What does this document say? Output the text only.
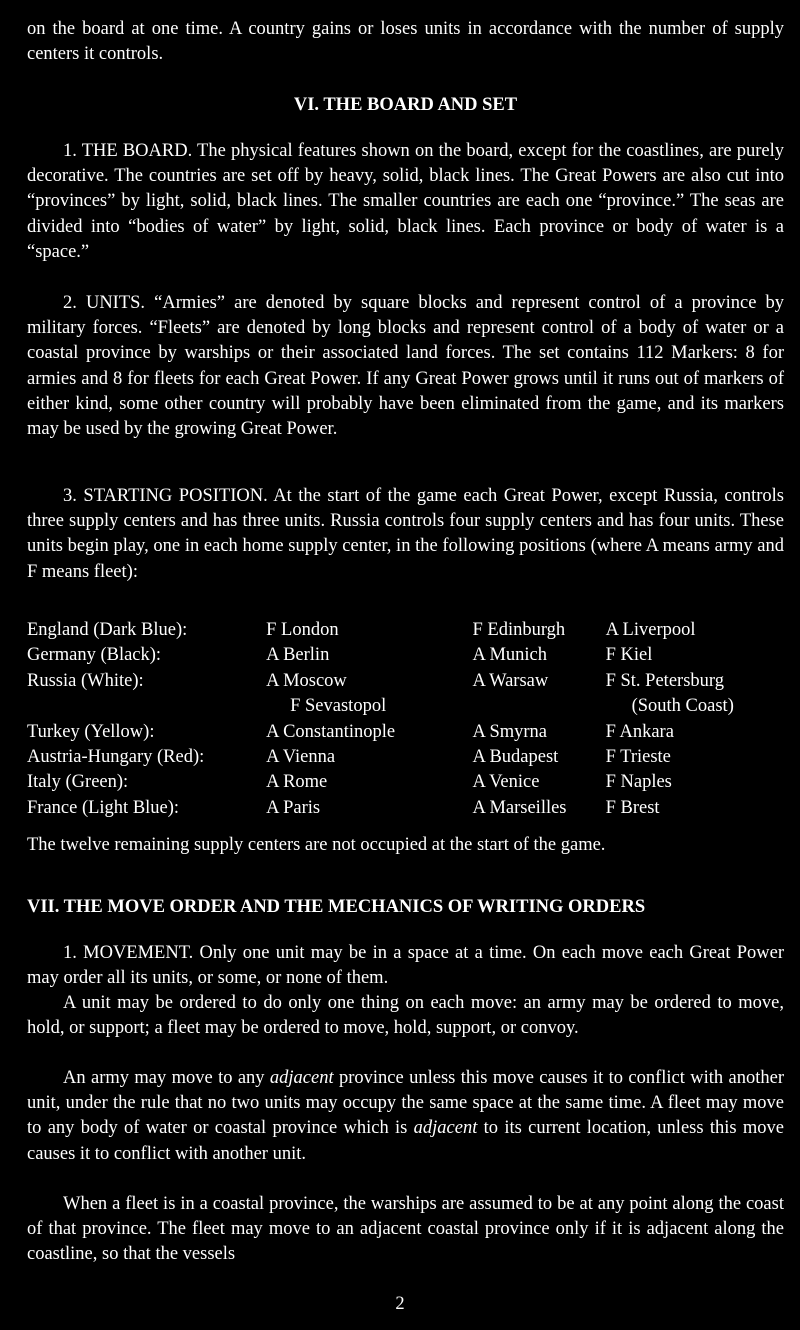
on the board at one time. A country gains or loses units in accordance with the number of supply centers it controls.

VI. THE BOARD AND SET

1. THE BOARD. The physical features shown on the board, except for the coastlines, are purely decorative. The countries are set off by heavy, solid, black lines. The Great Powers are also cut into “provinces” by light, solid, black lines. The smaller countries are each one “province.” The seas are divided into “bodies of water” by light, solid, black lines. Each province or body of water is a “space.”

2. UNITS. “Armies” are denoted by square blocks and represent control of a province by military forces. “Fleets” are denoted by long blocks and represent control of a body of water or a coastal province by warships or their associated land forces. The set contains 112 Markers: 8 for armies and 8 for fleets for each Great Power. If any Great Power grows until it runs out of markers of either kind, some other country will probably have been eliminated from the game, and its markers may be used by the growing Great Power.

3. STARTING POSITION. At the start of the game each Great Power, except Russia, controls three supply centers and has three units. Russia controls four supply centers and has four units. These units begin play, one in each home supply center, in the following positions (where A means army and F means fleet):

England (Dark Blue):	F London	F Edinburgh	A Liverpool
Germany (Black):	A Berlin	A Munich	F Kiel
Russia (White):	A Moscow	A Warsaw	F St. Petersburg
	F Sevastopol		(South Coast)
Turkey (Yellow):	A Constantinople	A Smyrna	F Ankara
Austria-Hungary (Red):	A Vienna	A Budapest	F Trieste
Italy (Green):	A Rome	A Venice	F Naples
France (Light Blue):	A Paris	A Marseilles	F Brest

The twelve remaining supply centers are not occupied at the start of the game.

VII. THE MOVE ORDER AND THE MECHANICS OF WRITING ORDERS

1. MOVEMENT. Only one unit may be in a space at a time. On each move each Great Power may order all its units, or some, or none of them.

A unit may be ordered to do only one thing on each move: an army may be ordered to move, hold, or support; a fleet may be ordered to move, hold, support, or convoy.

An army may move to any adjacent province unless this move causes it to conflict with another unit, under the rule that no two units may occupy the same space at the same time. A fleet may move to any body of water or coastal province which is adjacent to its current location, unless this move causes it to conflict with another unit.

When a fleet is in a coastal province, the warships are assumed to be at any point along the coast of that province. The fleet may move to an adjacent coastal province only if it is adjacent along the coastline, so that the vessels

2
